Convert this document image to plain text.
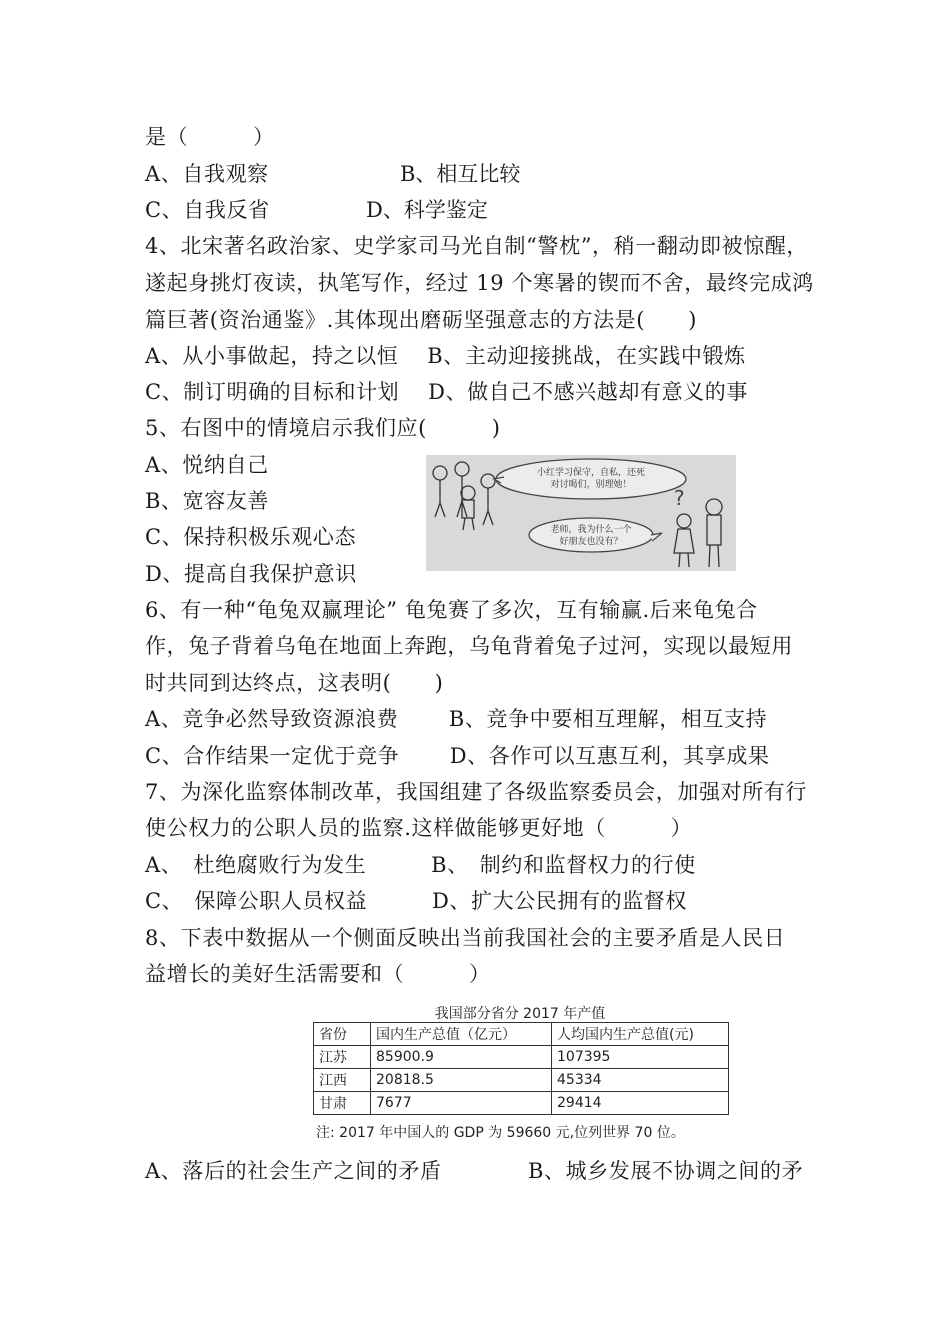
是（　　　）
A、自我观察	B、相互比较
C、自我反省	D、科学鉴定
4、北宋著名政治家、史学家司马光自制“警枕”，稍一翻动即被惊醒，
遂起身挑灯夜读，执笔写作，经过 19 个寒暑的锲而不舍，最终完成鸿
篇巨著(资治通鉴》.其体现出磨砺坚强意志的方法是(　　)
A、从小事做起，持之以恒　 B、主动迎接挑战，在实践中锻炼
C、制订明确的目标和计划　 D、做自己不感兴越却有意义的事
5、右图中的情境启示我们应(　　　)
A、悦纳自己
B、宽容友善
C、保持积极乐观心态
D、提高自我保护意识
小红学习保守，自私，还死
对讨喝们，别理她！
老师，我为什么一个
好朋友也没有？
?
6、有一种“龟兔双赢理论” 龟兔赛了多次，互有输赢.后来龟兔合
作，兔子背着乌龟在地面上奔跑，乌龟背着兔子过河，实现以最短用
时共同到达终点，这表明(　　)
A、竞争必然导致资源浪费　　 B、竞争中要相互理解，相互支持
C、合作结果一定优于竞争　　 D、各作可以互惠互利，其享成果
7、为深化监察体制改革，我国组建了各级监察委员会，加强对所有行
使公权力的公职人员的监察.这样做能够更好地（　　　）
A、　杜绝腐败行为发生　　　B、　制约和监督权力的行使
C、　保障公职人员权益　　　D、扩大公民拥有的监督权
8、下表中数据从一个侧面反映出当前我国社会的主要矛盾是人民日
益增长的美好生活需要和（　　　）
我国部分省分 2017 年产值
省份	国内生产总值（亿元）	人均国内生产总值(元)
江苏	85900.9	107395
江西	20818.5	45334
甘肃	7677	29414
注: 2017 年中国人的 GDP 为 59660 元,位列世界 70 位。
A、落后的社会生产之间的矛盾　　　　B、城乡发展不协调之间的矛
